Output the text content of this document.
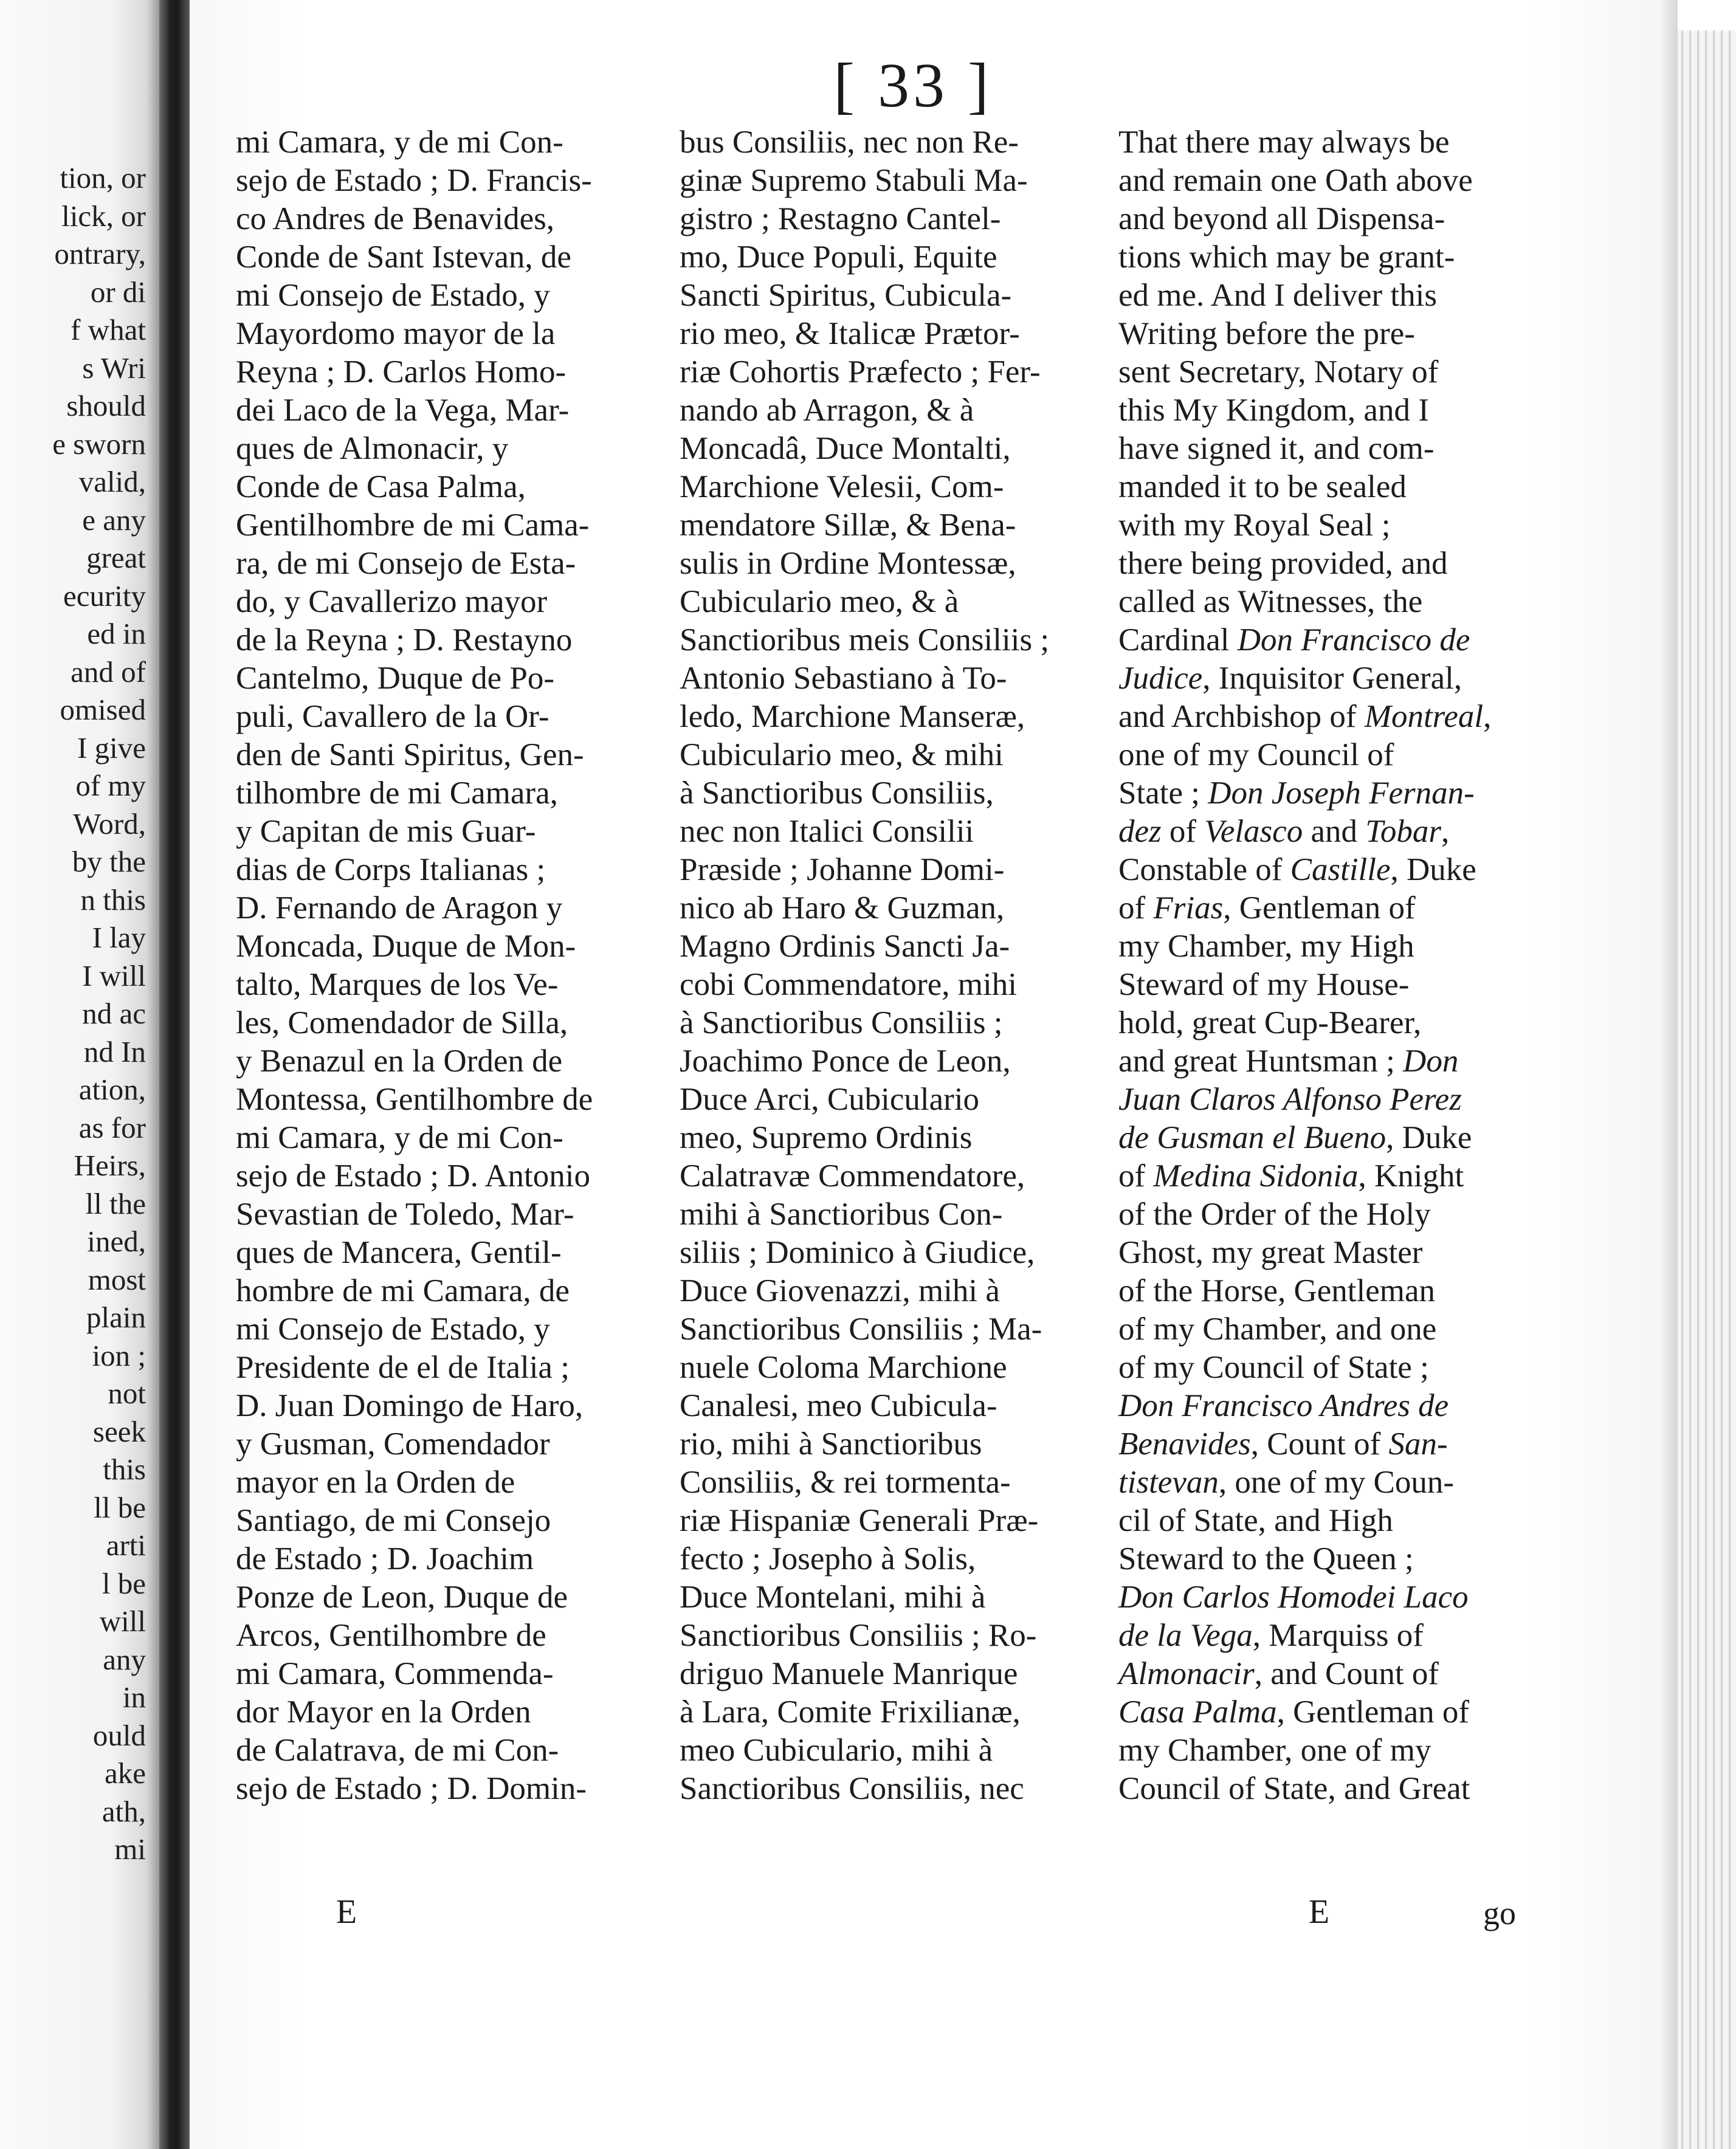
tion, or
lick, or
ontrary,
or di
f what
s Wri
should
e sworn
valid,
e any
great
ecurity
ed in
and of
omised
I give
of my
Word,
by the
n this
I lay
I will
nd ac
nd In
ation,
as for
Heirs,
ll the
ined,
most
plain
ion ;
not
seek
this
ll be
arti
l be
will
any
in
ould
ake
ath,
mi
[ 33 ]
mi Camara, y de mi Con-
sejo de Estado ; D. Francis-
co Andres de Benavides,
Conde de Sant Istevan, de
mi Consejo de Estado, y
Mayordomo mayor de la
Reyna ; D. Carlos Homo-
dei Laco de la Vega, Mar-
ques de Almonacir, y
Conde de Casa Palma,
Gentilhombre de mi Cama-
ra, de mi Consejo de Esta-
do, y Cavallerizo mayor
de la Reyna ; D. Restayno
Cantelmo, Duque de Po-
puli, Cavallero de la Or-
den de Santi Spiritus, Gen-
tilhombre de mi Camara,
y Capitan de mis Guar-
dias de Corps Italianas ;
D. Fernando de Aragon y
Moncada, Duque de Mon-
talto, Marques de los Ve-
les, Comendador de Silla,
y Benazul en la Orden de
Montessa, Gentilhombre de
mi Camara, y de mi Con-
sejo de Estado ; D. Antonio
Sevastian de Toledo, Mar-
ques de Mancera, Gentil-
hombre de mi Camara, de
mi Consejo de Estado, y
Presidente de el de Italia ;
D. Juan Domingo de Haro,
y Gusman, Comendador
mayor en la Orden de
Santiago, de mi Consejo
de Estado ; D. Joachim
Ponze de Leon, Duque de
Arcos, Gentilhombre de
mi Camara, Commenda-
dor Mayor en la Orden
de Calatrava, de mi Con-
sejo de Estado ; D. Domin-
bus Consiliis, nec non Re-
ginæ Supremo Stabuli Ma-
gistro ; Restagno Cantel-
mo, Duce Populi, Equite
Sancti Spiritus, Cubicula-
rio meo, & Italicæ Prætor-
riæ Cohortis Præfecto ; Fer-
nando ab Arragon, & à
Moncadâ, Duce Montalti,
Marchione Velesii, Com-
mendatore Sillæ, & Bena-
sulis in Ordine Montessæ,
Cubiculario meo, & à
Sanctioribus meis Consiliis ;
Antonio Sebastiano à To-
ledo, Marchione Manseræ,
Cubiculario meo, & mihi
à Sanctioribus Consiliis,
nec non Italici Consilii
Præside ; Johanne Domi-
nico ab Haro & Guzman,
Magno Ordinis Sancti Ja-
cobi Commendatore, mihi
à Sanctioribus Consiliis ;
Joachimo Ponce de Leon,
Duce Arci, Cubiculario
meo, Supremo Ordinis
Calatravæ Commendatore,
mihi à Sanctioribus Con-
siliis ; Dominico à Giudice,
Duce Giovenazzi, mihi à
Sanctioribus Consiliis ; Ma-
nuele Coloma Marchione
Canalesi, meo Cubicula-
rio, mihi à Sanctioribus
Consiliis, & rei tormenta-
riæ Hispaniæ Generali Præ-
fecto ; Josepho à Solis,
Duce Montelani, mihi à
Sanctioribus Consiliis ; Ro-
driguo Manuele Manrique
à Lara, Comite Frixilianæ,
meo Cubiculario, mihi à
Sanctioribus Consiliis, nec
That there may always be
and remain one Oath above
and beyond all Dispensa-
tions which may be grant-
ed me. And I deliver this
Writing before the pre-
sent Secretary, Notary of
this My Kingdom, and I
have signed it, and com-
manded it to be sealed
with my Royal Seal ;
there being provided, and
called as Witnesses, the
Cardinal Don Francisco de
Judice, Inquisitor General,
and Archbishop of Montreal,
one of my Council of
State ; Don Joseph Fernan-
dez of Velasco and Tobar,
Constable of Castille, Duke
of Frias, Gentleman of
my Chamber, my High
Steward of my House-
hold, great Cup-Bearer,
and great Huntsman ; Don
Juan Claros Alfonso Perez
de Gusman el Bueno, Duke
of Medina Sidonia, Knight
of the Order of the Holy
Ghost, my great Master
of the Horse, Gentleman
of my Chamber, and one
of my Council of State ;
Don Francisco Andres de
Benavides, Count of San-
tistevan, one of my Coun-
cil of State, and High
Steward to the Queen ;
Don Carlos Homodei Laco
de la Vega, Marquiss of
Almonacir, and Count of
Casa Palma, Gentleman of
my Chamber, one of my
Council of State, and Great
E	E	go
